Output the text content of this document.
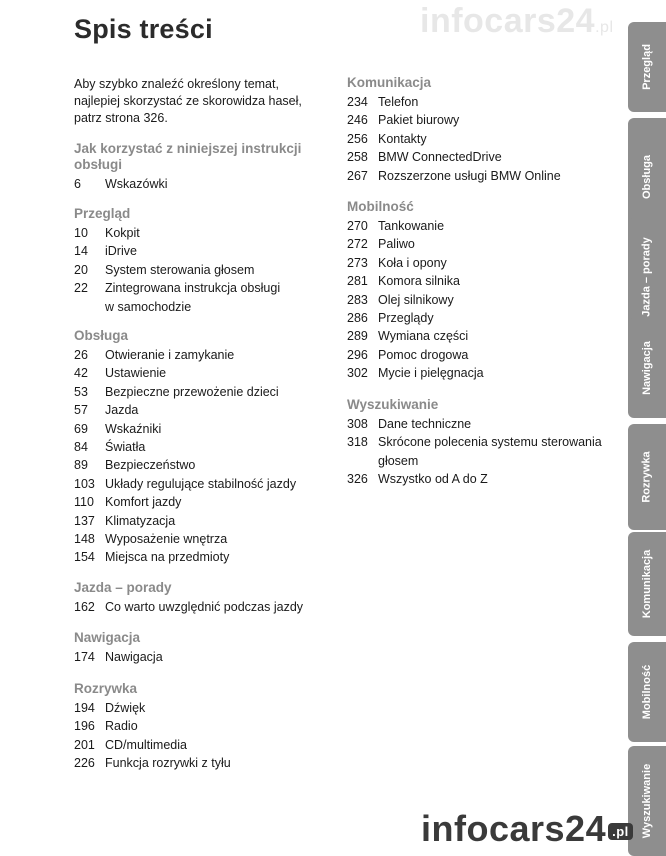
infocars24.pl
Spis treści

Aby szybko znaleźć określony temat, najlepiej skorzystać ze skorowidza haseł, patrz strona 326.

Jak korzystać z niniejszej instrukcji obsługi
6	Wskazówki
Przegląd
10	Kokpit
14	iDrive
20	System sterowania głosem
22	Zintegrowana instrukcja obsługi w samochodzie
Obsługa
26	Otwieranie i zamykanie
42	Ustawienie
53	Bezpieczne przewożenie dzieci
57	Jazda
69	Wskaźniki
84	Światła
89	Bezpieczeństwo
103 Układy regulujące stabilność jazdy
110 Komfort jazdy
137 Klimatyzacja
148 Wyposażenie wnętrza
154 Miejsca na przedmioty
Jazda – porady
162 Co warto uwzględnić podczas jazdy
Nawigacja
174 Nawigacja
Rozrywka
194 Dźwięk
196 Radio
201 CD/multimedia
226 Funkcja rozrywki z tyłu
Komunikacja
234 Telefon
246 Pakiet biurowy
256 Kontakty
258 BMW ConnectedDrive
267 Rozszerzone usługi BMW Online
Mobilność
270 Tankowanie
272 Paliwo
273 Koła i opony
281 Komora silnika
283 Olej silnikowy
286 Przeglądy
289 Wymiana części
296 Pomoc drogowa
302 Mycie i pielęgnacja
Wyszukiwanie
308 Dane techniczne
318 Skrócone polecenia systemu sterowania głosem
326 Wszystko od A do Z
Przegląd
Obsługa
Jazda – porady
Nawigacja
Rozrywka
Komunikacja
Mobilność
Wyszukiwanie
infocars24 .pl
